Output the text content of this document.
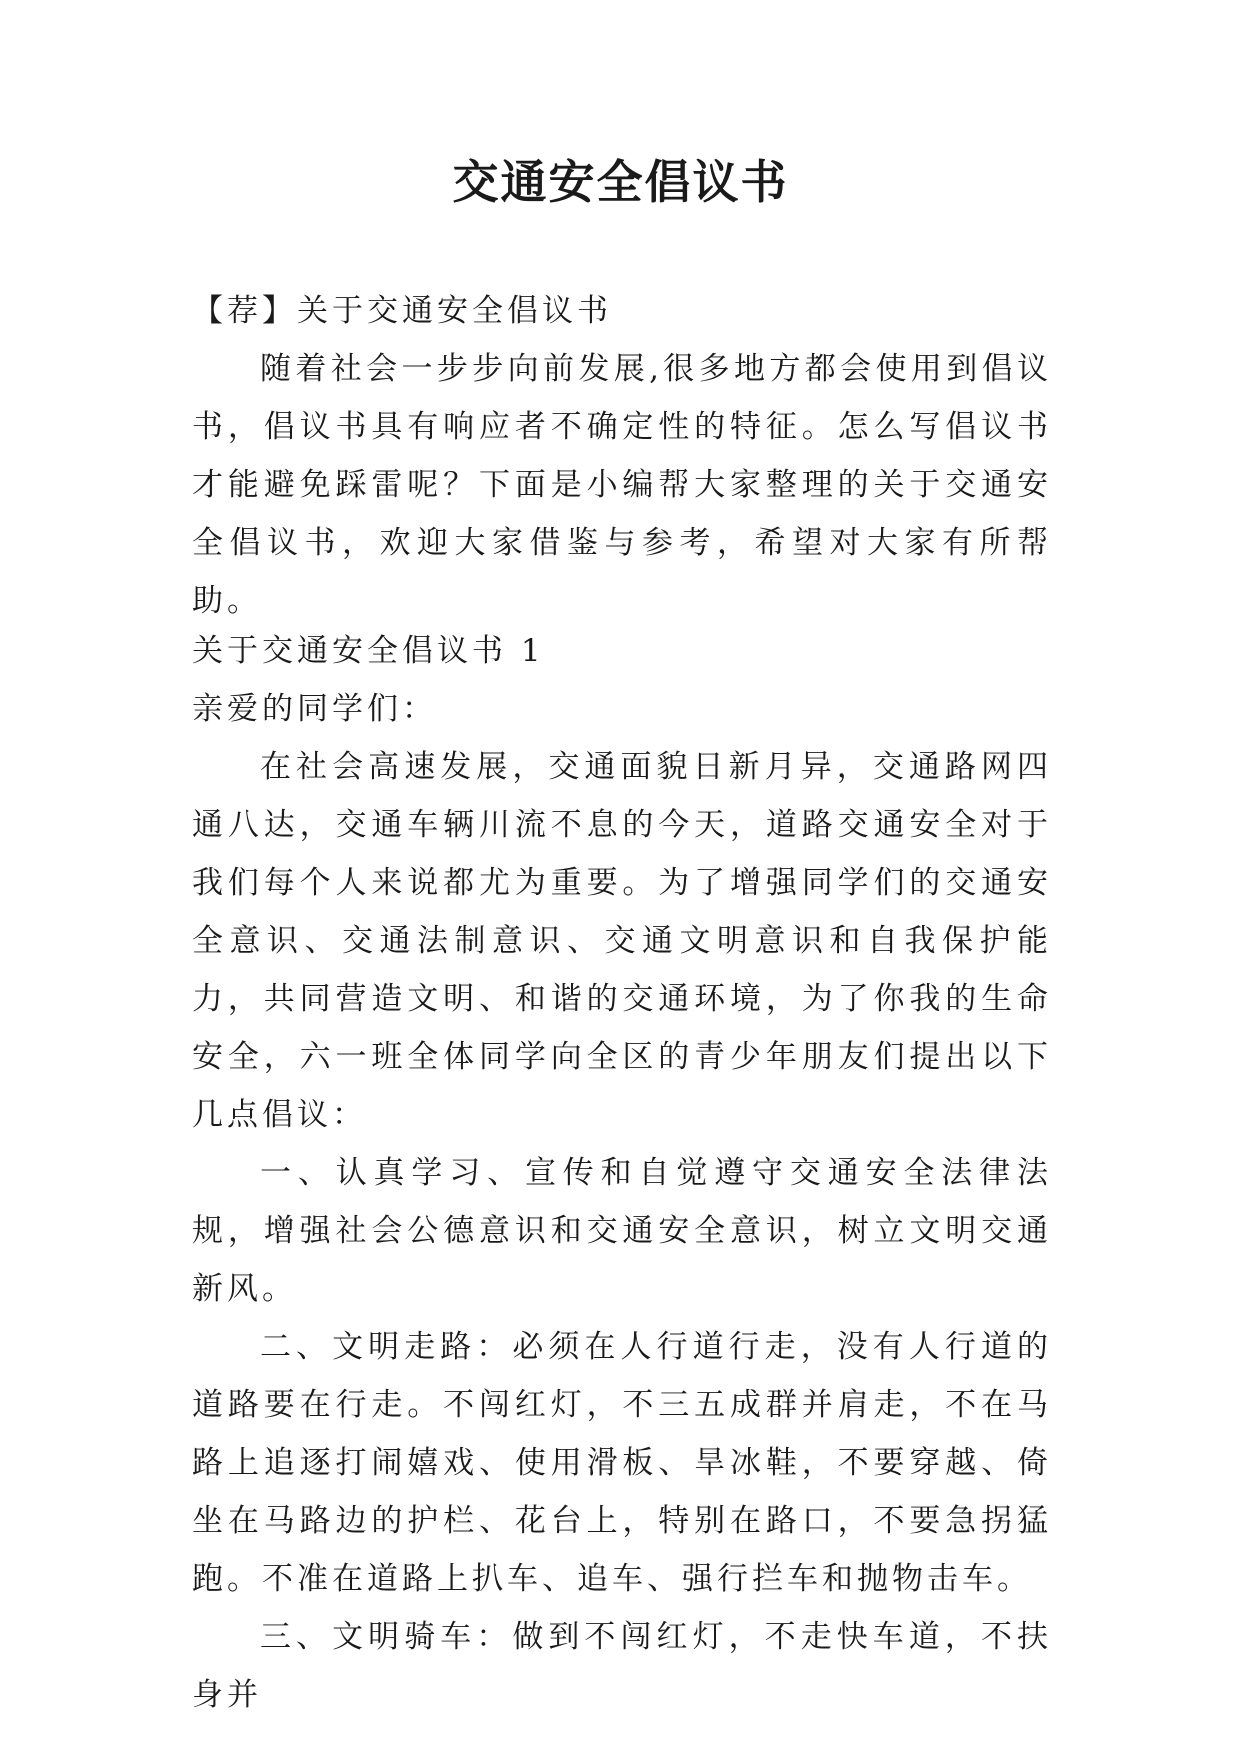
交通安全倡议书

【荐】关于交通安全倡议书

随着社会一步步向前发展,很多地方都会使用到倡议书，倡议书具有响应者不确定性的特征。怎么写倡议书才能避免踩雷呢？下面是小编帮大家整理的关于交通安全倡议书，欢迎大家借鉴与参考，希望对大家有所帮助。

关于交通安全倡议书 1

亲爱的同学们：

在社会高速发展，交通面貌日新月异，交通路网四通八达，交通车辆川流不息的今天，道路交通安全对于我们每个人来说都尤为重要。为了增强同学们的交通安全意识、交通法制意识、交通文明意识和自我保护能力，共同营造文明、和谐的交通环境，为了你我的生命安全，六一班全体同学向全区的青少年朋友们提出以下几点倡议：

一、认真学习、宣传和自觉遵守交通安全法律法规，增强社会公德意识和交通安全意识，树立文明交通新风。

二、文明走路：必须在人行道行走，没有人行道的道路要在行走。不闯红灯，不三五成群并肩走，不在马路上追逐打闹嬉戏、使用滑板、旱冰鞋，不要穿越、倚坐在马路边的护栏、花台上，特别在路口，不要急拐猛跑。不准在道路上扒车、追车、强行拦车和抛物击车。

三、文明骑车：做到不闯红灯，不走快车道，不扶身并
